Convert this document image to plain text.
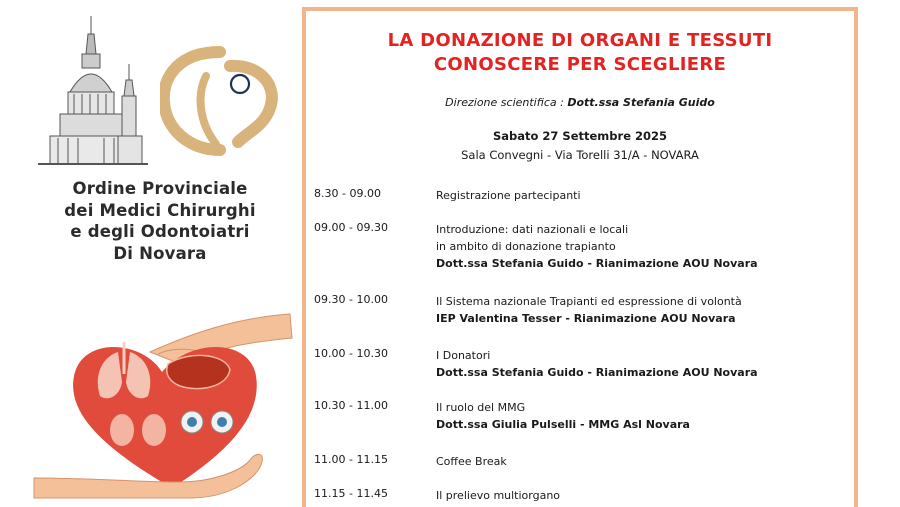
Ordine Provinciale
dei Medici Chirurghi
e degli Odontoiatri
Di Novara
LA DONAZIONE DI ORGANI E TESSUTI
CONOSCERE PER SCEGLIERE
Direzione scientifica : Dott.ssa Stefania Guido
Sabato 27 Settembre 2025
Sala Convegni - Via Torelli 31/A - NOVARA
8.30 - 09.00	Registrazione partecipanti
09.00 - 09.30	Introduzione: dati nazionali e locali
in ambito di donazione trapianto
Dott.ssa Stefania Guido - Rianimazione AOU Novara
09.30 - 10.00	Il Sistema nazionale Trapianti ed espressione di volontà
IEP Valentina Tesser - Rianimazione AOU Novara
10.00 - 10.30	I Donatori
Dott.ssa Stefania Guido - Rianimazione AOU Novara
10.30 - 11.00	Il ruolo del MMG
Dott.ssa Giulia Pulselli - MMG Asl Novara
11.00 - 11.15	Coffee Break
11.15 - 11.45	Il prelievo multiorgano
